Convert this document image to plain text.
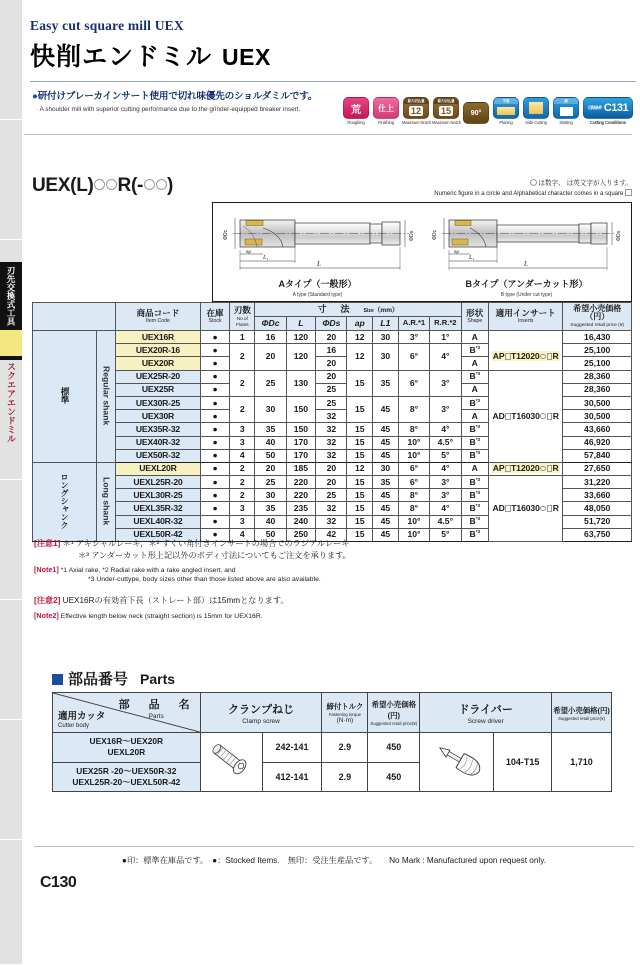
刃先交換式工具
スクエアエンドミル
Easy cut square mill UEX
快削エンドミル UEX
●研付けブレーカインサート使用で切れ味優先のショルダミルです。
· A shoulder mill with superior cutting performance due to the grinder-equipped breaker insert.	荒
Roughing
仕上
Finishing
最大切込量
12
Maximum Notch
最大切込量
15
Maximum Notch
90°
平削
Planing	Side Cutting
溝
Slotting
切削条件 C131
Cutting Conditions
UEX(L) R(- )	は数字、 は英文字が入ります。
Numeric figure in a circle and Alphabetical character comes in a square
ΦDc	ΦDs
ap
L₁
L
Aタイプ（一般形）
A type (Standard type)
ΦDc	ΦDs
ap
L₁
L
Bタイプ（アンダーカット形）
B type (Under cut type)

		商品コード
Item Code	在庫
Stock	刃数
No.of Flutes	寸法Size（mm）							形状
Shape	適用インサート
Inserts	希望小売価格（円）
Suggested retail price (¥)

					ΦDc	L	ΦDs	ap	L1	A.R.*1	R.R.*2			
標準	Regular shank	UEX16R	●	1	16	120	20	12	30	3°	1°	A		16,430
		UEX20R-16	●	2	20	120	16	12	30	6°	4°	$B^{*3}$	AP T12020 R	25,100
		UEX20R	●				20					A		25,100
		UEX25R-20	●	2	25	130	20	15	35	6°	3°	$B^{*3}$	AD T16030 R	28,360
		UEX25R	●				25					A		28,360
		UEX30R-25	●	2	30	150	25	15	45	8°	3°	$B^{*3}$		30,500
		UEX30R	●				32					A		30,500
		UEX35R-32	●	3	35	150	32	15	45	8°	4°	$B^{*3}$		43,660
		UEX40R-32	●	3	40	170	32	15	45	10°	4.5°	$B^{*3}$		46,920
		UEX50R-32	●	4	50	170	32	15	45	10°	5°	$B^{*3}$		57,840
ロングシャンク	Long shank	UEXL20R	●	2	20	185	20	12	30	6°	4°	A	AP T12020 R	27,650
		UEXL25R-20	●	2	25	220	20	15	35	6°	3°	$B^{*3}$	AD T16030 R	31,220
		UEXL30R-25	●	2	30	220	25	15	45	8°	3°	$B^{*3}$		33,660
		UEXL35R-32	●	3	35	235	32	15	45	8°	4°	$B^{*3}$		48,050
		UEXL40R-32	●	3	40	240	32	15	45	10°	4.5°	$B^{*3}$		51,720
		UEXL50R-42	●	4	50	250	42	15	45	10°	5°	$B^{*3}$		63,750
[注意1] ＊¹ アキシャルレーキ，＊² すくい角付きインサートの場合でのラジアルレーキ
＊³ アンダーカット形上記以外のボディ寸法についてもご注文を承ります。
[Note1] *1 Axial rake, *2 Radial rake with a rake angled insert, and
*3 Under-cuttype, body sizes other than those listed above are also available.
[注意2] UEX16Rの有効首下長（ストレート部）は15mmとなります。
[Note2] Effective length below neck (straight section) is 15mm for UEX16R.
部品番号 Parts
部　品　名
Parts
適用カッタ
Cutter body

クランプねじ
Clamp screw

締付トルク
Fastening torque
(N·m)

希望小売価格(円)
Suggested retail price(¥)

ドライバー
Screw driver

希望小売価格(円)
Suggested retail price(¥)

UEX16R～UEX20R
UEXL20R		242-141	2.9	450		104-T15	1,710
UEX25R -20～UEX50R-32
UEXL25R-20～UEXL50R-42		412-141	2.9	450			
●印：標準在庫品です。　●：Stocked Items.　無印：受注生産品です。 No Mark : Manufactured upon request only.
C130
